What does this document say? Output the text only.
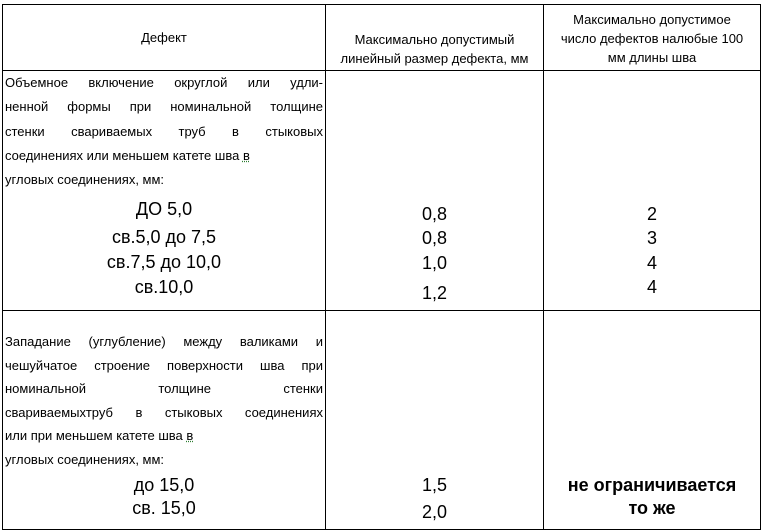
Дефект	Максимально допустимый
линейный размер дефекта, мм
Максимально допустимое
число дефектов налюбые 100
мм длины шва
Объемное включение округлой или удли-
ненной формы при номинальной толщине
стенки свариваемых труб в стыковых
соединениях или меньшем катете шва в
угловых соединениях, мм:
ДО 5,0
св.5,0 до 7,5
св.7,5 до 10,0
св.10,0
0,8
0,8
1,0
1,2
2
3
4
4
Западание (углубление) между валиками и
чешуйчатое строение поверхности шва при
номинальной толщине стенки
свариваемыхтруб в стыковых соединениях
или при меньшем катете шва в
угловых соединениях, мм:
до 15,0
св. 15,0
1,5
2,0
не ограничивается
то же
